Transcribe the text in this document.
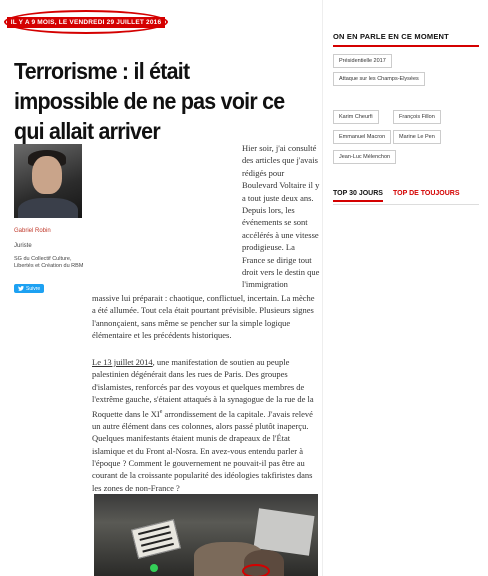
IL Y A 9 MOIS, LE VENDREDI 29 JUILLET 2016
Terrorisme : il était impossible de ne pas voir ce qui allait arriver
Gabriel Robin
Juriste
SG du Collectif Culture, Libertés et Création du RBM
Suivre
Hier soir, j'ai consulté des articles que j'avais rédigés pour Boulevard Voltaire il y a tout juste deux ans. Depuis lors, les événements se sont accélérés à une vitesse prodigieuse. La France se dirige tout droit vers le destin que l'immigration
massive lui préparait : chaotique, conflictuel, incertain. La mèche a été allumée. Tout cela était pourtant prévisible. Plusieurs signes l'annonçaient, sans même se pencher sur la simple logique élémentaire et les précédents historiques.
Le 13 juillet 2014, une manifestation de soutien au peuple palestinien dégénérait dans les rues de Paris. Des groupes d'islamistes, renforcés par des voyous et quelques membres de l'extrême gauche, s'étaient attaqués à la synagogue de la rue de la Roquette dans le XIe arrondissement de la capitale. J'avais relevé un autre élément dans ces colonnes, alors passé plutôt inaperçu. Quelques manifestants étaient munis de drapeaux de l'État islamique et du Front al-Nosra. En avez-vous entendu parler à l'époque ? Comment le gouvernement ne pouvait-il pas être au courant de la croissante popularité des idéologies takfiristes dans les zones de non-France ?
ON EN PARLE EN CE MOMENT
Présidentielle 2017
Attaque sur les Champs-Elysées
Karim Cheurfi	François Fillon
Emmanuel Macron	Marine Le Pen
Jean-Luc Mélenchon
TOP 30 JOURS TOP DE TOUJOURS
